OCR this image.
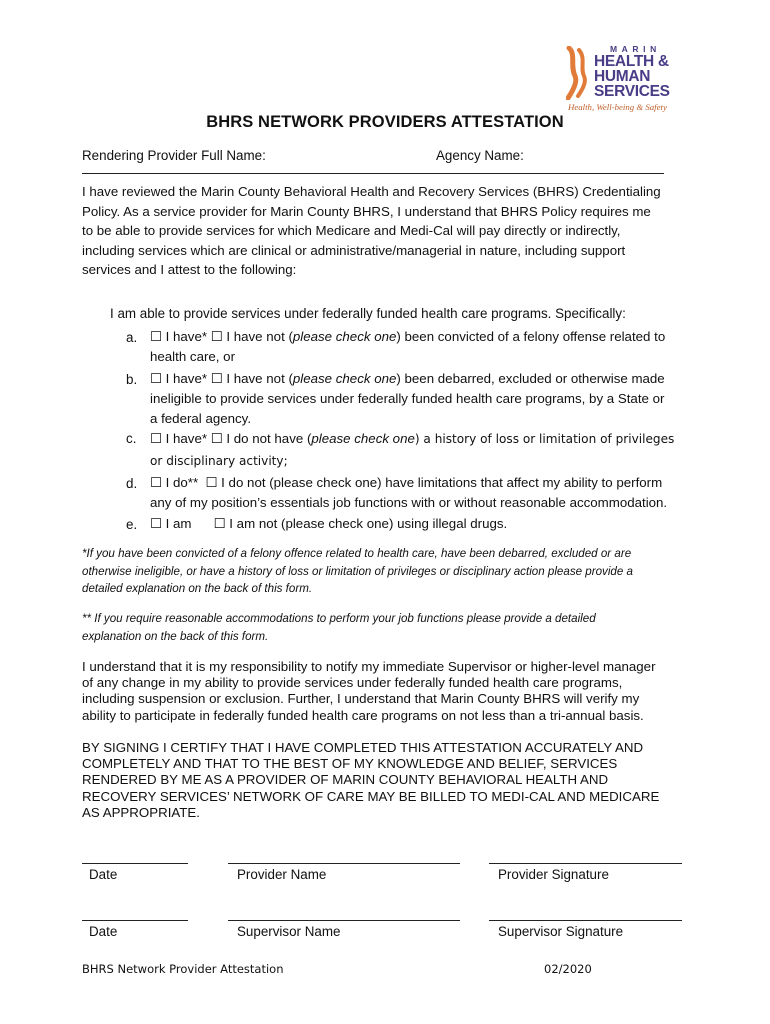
MARIN
HEALTH &
HUMAN
SERVICES
Health, Well-being & Safety
BHRS NETWORK PROVIDERS ATTESTATION
Rendering Provider Full Name:	Agency Name:
I have reviewed the Marin County Behavioral Health and Recovery Services (BHRS) Credentialing
Policy. As a service provider for Marin County BHRS, I understand that BHRS Policy requires me
to be able to provide services for which Medicare and Medi-Cal will pay directly or indirectly,
including services which are clinical or administrative/managerial in nature, including support
services and I attest to the following:
I am able to provide services under federally funded health care programs. Specifically:
a. ☐ I have* ☐ I have not (please check one) been convicted of a felony offense related to
health care, or
b. ☐ I have* ☐ I have not (please check one) been debarred, excluded or otherwise made
ineligible to provide services under federally funded health care programs, by a State or
a federal agency.
c. ☐ I have* ☐ I do not have (please check one) a history of loss or limitation of privileges
or disciplinary activity;
d. ☐ I do** ☐ I do not (please check one) have limitations that affect my ability to perform
any of my position’s essentials job functions with or without reasonable accommodation.
e. ☐ I am ☐ I am not (please check one) using illegal drugs.
*If you have been convicted of a felony offence related to health care, have been debarred, excluded or are
otherwise ineligible, or have a history of loss or limitation of privileges or disciplinary action please provide a
detailed explanation on the back of this form.
** If you require reasonable accommodations to perform your job functions please provide a detailed
explanation on the back of this form.
I understand that it is my responsibility to notify my immediate Supervisor or higher-level manager
of any change in my ability to provide services under federally funded health care programs,
including suspension or exclusion. Further, I understand that Marin County BHRS will verify my
ability to participate in federally funded health care programs on not less than a tri-annual basis.
BY SIGNING I CERTIFY THAT I HAVE COMPLETED THIS ATTESTATION ACCURATELY AND
COMPLETELY AND THAT TO THE BEST OF MY KNOWLEDGE AND BELIEF, SERVICES
RENDERED BY ME AS A PROVIDER OF MARIN COUNTY BEHAVIORAL HEALTH AND
RECOVERY SERVICES’ NETWORK OF CARE MAY BE BILLED TO MEDI-CAL AND MEDICARE
AS APPROPRIATE.
Date	Provider Name	Provider Signature
Date	Supervisor Name	Supervisor Signature
BHRS Network Provider Attestation	02/2020
